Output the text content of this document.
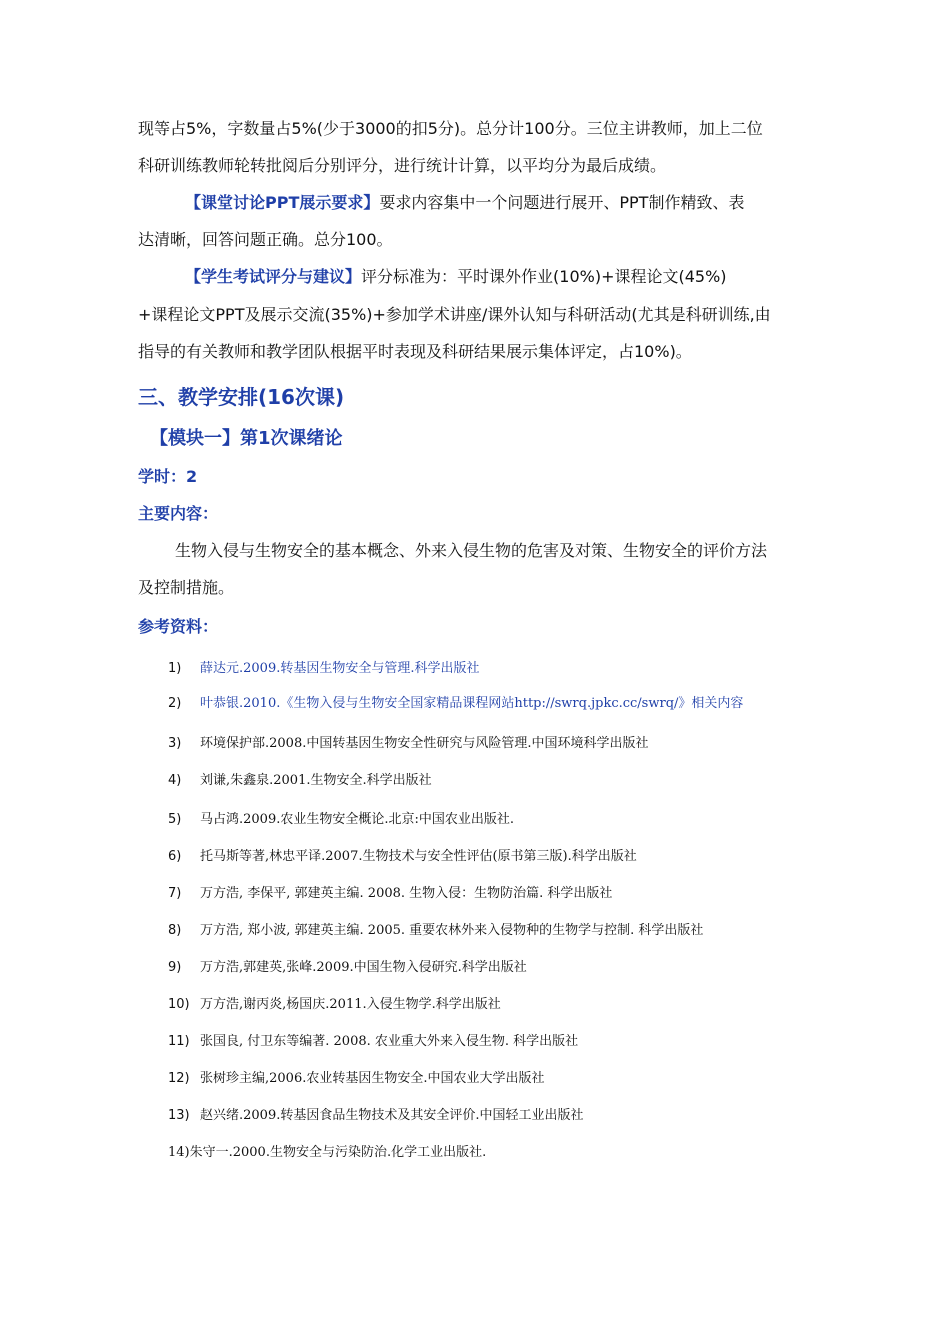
现等占5%，字数量占5%(少于3000的扣5分)。总分计100分。三位主讲教师，加上二位
科研训练教师轮转批阅后分别评分，进行统计计算，以平均分为最后成绩。
【课堂讨论PPT展示要求】要求内容集中一个问题进行展开、PPT制作精致、表
达清晰，回答问题正确。总分100。
【学生考试评分与建议】评分标准为：平时课外作业(10%)+课程论文(45%)
+课程论文PPT及展示交流(35%)+参加学术讲座/课外认知与科研活动(尤其是科研训练,由
指导的有关教师和教学团队根据平时表现及科研结果展示集体评定，占10%)。
三、教学安排(16次课)
【模块一】第1次课绪论
学时：2
主要内容：
生物入侵与生物安全的基本概念、外来入侵生物的危害及对策、生物安全的评价方法
及控制措施。
参考资料：
1) 薛达元.2009.转基因生物安全与管理.科学出版社
2) 叶恭银.2010.《生物入侵与生物安全国家精品课程网站http://swrq.jpkc.cc/swrq/》相关内容
3) 环境保护部.2008.中国转基因生物安全性研究与风险管理.中国环境科学出版社
4) 刘谦,朱鑫泉.2001.生物安全.科学出版社
5) 马占鸿.2009.农业生物安全概论.北京:中国农业出版社.
6) 托马斯等著,林忠平译.2007.生物技术与安全性评估(原书第三版).科学出版社
7) 万方浩, 李保平, 郭建英主编. 2008. 生物入侵：生物防治篇. 科学出版社
8) 万方浩, 郑小波, 郭建英主编. 2005. 重要农林外来入侵物种的生物学与控制. 科学出版社
9) 万方浩,郭建英,张峰.2009.中国生物入侵研究.科学出版社
10) 万方浩,谢丙炎,杨国庆.2011.入侵生物学.科学出版社
11) 张国良, 付卫东等编著. 2008. 农业重大外来入侵生物. 科学出版社
12) 张树珍主编,2006.农业转基因生物安全.中国农业大学出版社
13) 赵兴绪.2009.转基因食品生物技术及其安全评价.中国轻工业出版社
14)朱守一.2000.生物安全与污染防治.化学工业出版社.
